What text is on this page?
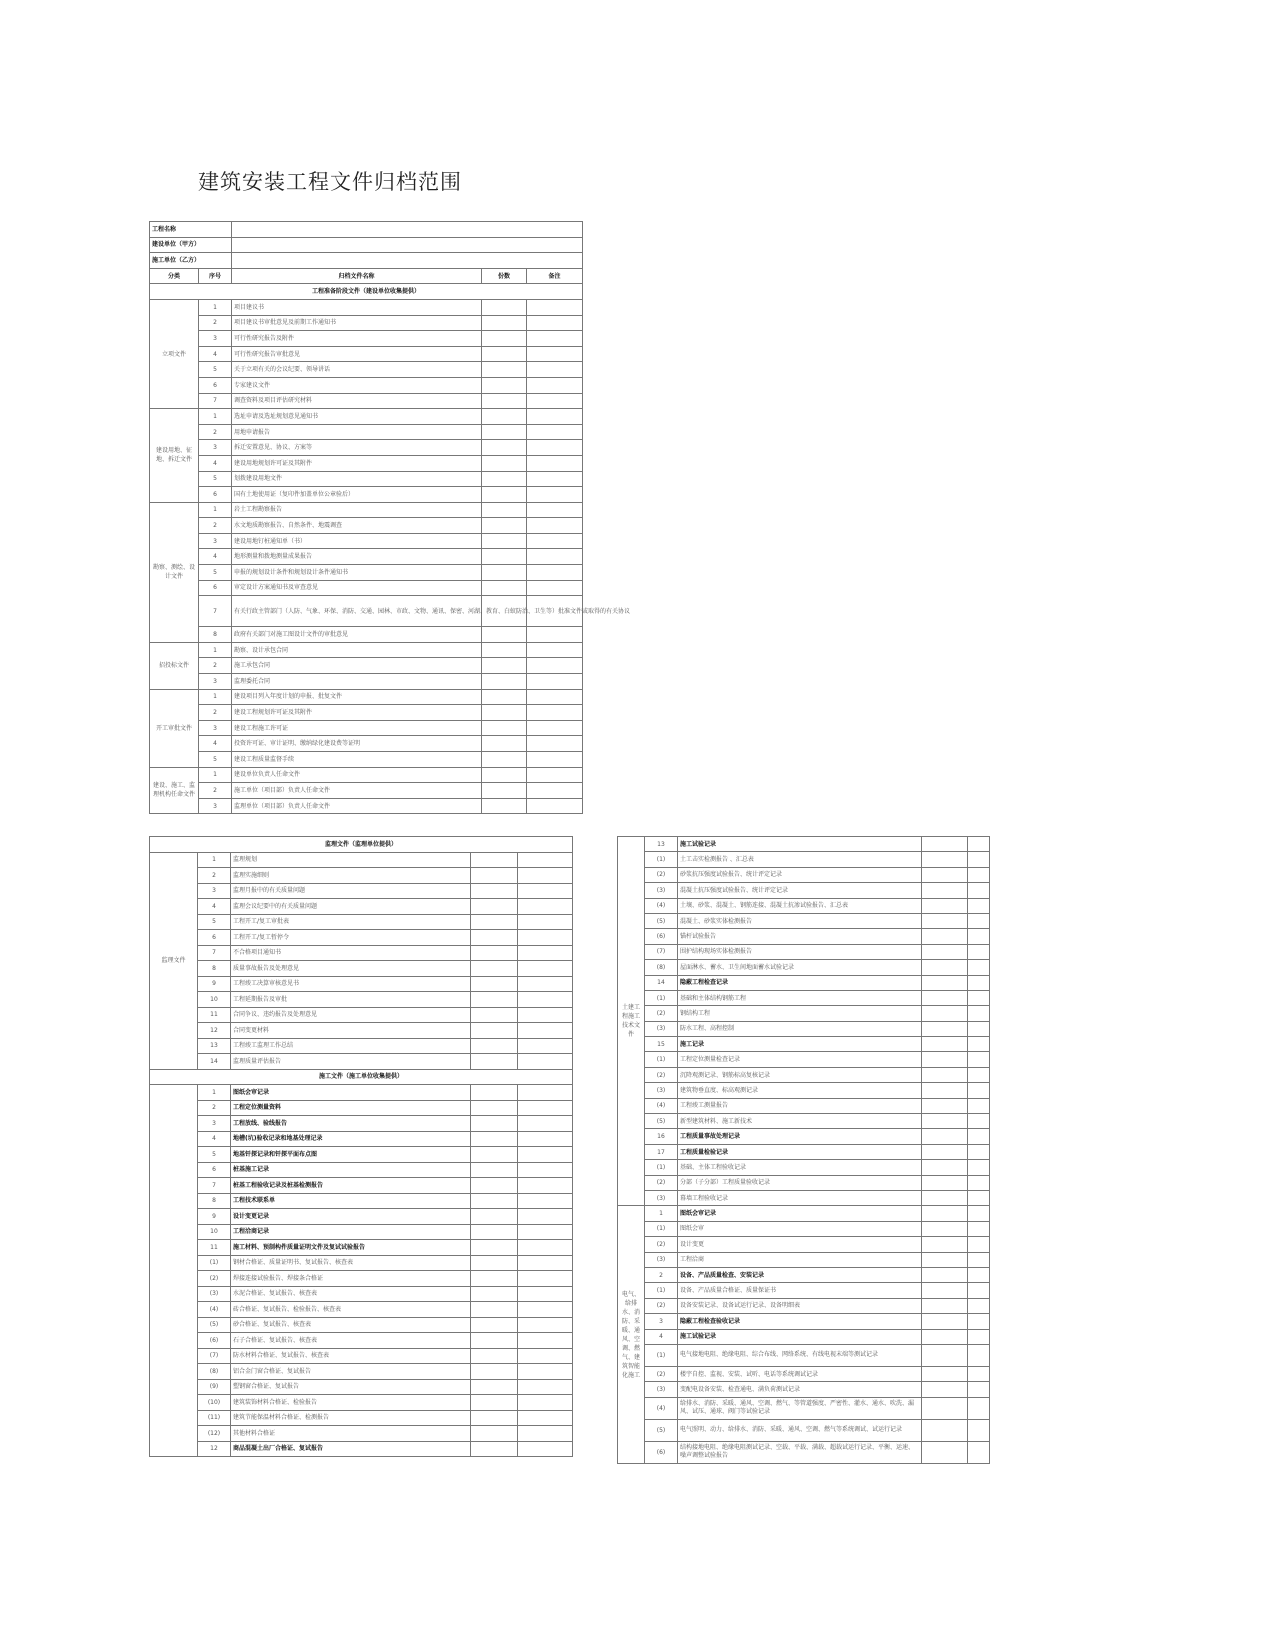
建筑安装工程文件归档范围
工程名称				
建设单位（甲方）				
施工单位（乙方）				
分类	序号	归档文件名称	份数	备注
工程准备阶段文件（建设单位收集提供）				
立项文件	1	项目建议书		
	2	项目建议书审批意见及前期工作通知书		
	3	可行性研究报告及附件		
	4	可行性研究报告审批意见		
	5	关于立项有关的会议纪要、领导讲话		
	6	专家建议文件		
	7	调查资料及项目评估研究材料		
建设用地、征地、拆迁文件	1	选址申请及选址规划意见通知书		
	2	用地申请报告		
	3	拆迁安置意见、协议、方案等		
	4	建设用地规划许可证及其附件		
	5	划拨建设用地文件		
	6	国有土地使用证（复印件加盖单位公章验后）		
勘察、测绘、设计文件	1	岩土工程勘察报告		
	2	水文地质勘察报告、自然条件、地震调查		
	3	建设用地钉桩通知单（书）		
	4	地形测量和拨地测量成果报告		
	5	申报的规划设计条件和规划设计条件通知书		
	6	审定设计方案通知书及审查意见		
	7	有关行政主管部门（人防、气象、环保、消防、交通、园林、市政、文物、通讯、保密、河湖、教育、白蚁防治、卫生等）批准文件或取得的有关协议		
	8	政府有关部门对施工图设计文件的审批意见		
招投标文件	1	勘察、设计承包合同		
	2	施工承包合同		
	3	监理委托合同		
开工审批文件	1	建设项目列入年度计划的申报、批复文件		
	2	建设工程规划许可证及其附件		
	3	建设工程施工许可证		
	4	投资许可证、审计证明、缴纳绿化建设费等证明		
	5	建设工程质量监督手续		
建设、施工、监理机构任命文件	1	建设单位负责人任命文件		
	2	施工单位（项目部）负责人任命文件		
	3	监理单位（项目部）负责人任命文件		
监理文件（监理单位提供）				
监理文件	1	监理规划		
	2	监理实施细则		
	3	监理月报中的有关质量问题		
	4	监理会议纪要中的有关质量问题		
	5	工程开工/复工审批表		
	6	工程开工/复工暂停令		
	7	不合格项目通知书		
	8	质量事故报告及处理意见		
	9	工程竣工决算审核意见书		
	10	工程延期报告及审批		
	11	合同争议、违约报告及处理意见		
	12	合同变更材料		
	13	工程竣工监理工作总结		
	14	监理质量评估报告		
施工文件（施工单位收集提供）				
	1	图纸会审记录		
	2	工程定位测量资料		
	3	工程放线、验线报告		
	4	地槽(坑)验收记录和地基处理记录		
	5	地基钎探记录和钎探平面布点图		
	6	桩基施工记录		
	7	桩基工程验收记录及桩基检测报告		
	8	工程技术联系单		
	9	设计变更记录		
	10	工程洽商记录		
	11	施工材料、预制构件质量证明文件及复试试验报告		
	(1)	钢材合格证、质量证明书、复试报告、核查表		
	(2)	焊接连接试验报告、焊接条合格证		
	(3)	水泥合格证、复试报告、核查表		
	(4)	砖合格证、复试报告、检验报告、核查表		
	(5)	砂合格证、复试报告、核查表		
	(6)	石子合格证、复试报告、核查表		
	(7)	防水材料合格证、复试报告、核查表		
	(8)	铝合金门窗合格证、复试报告		
	(9)	塑钢窗合格证、复试报告		
	(10)	建筑装饰材料合格证、检验报告		
	(11)	建筑节能保温材料合格证、检测报告		
	(12)	其他材料合格证		
	12	商品混凝土出厂合格证、复试报告		
土建工程施工技术文件	13	施工试验记录		
	(1)	土工击实检测报告 、汇总表		
	(2)	砂浆抗压强度试验报告、统计评定记录		
	(3)	混凝土抗压强度试验报告、统计评定记录		
	(4)	土壤、砂浆、混凝土、钢筋连接、混凝土抗渗试验报告、汇总表		
	(5)	混凝土、砂浆实体检测报告		
	(6)	锚杆试验报告		
	(7)	围护结构现场实体检测报告		
	(8)	屋面淋水、蓄水、卫生间地面蓄水试验记录		
	14	隐蔽工程检查记录		
	(1)	基础和主体结构钢筋工程		
	(2)	钢结构工程		
	(3)	防水工程、高程控制		
	15	施工记录		
	(1)	工程定位测量检查记录		
	(2)	沉降观测记录、钢筋标高复核记录		
	(3)	建筑物垂直度、标高观测记录		
	(4)	工程竣工测量报告		
	(5)	新型建筑材料、施工新技术		
	16	工程质量事故处理记录		
	17	工程质量检验记录		
	(1)	基础、主体工程验收记录		
	(2)	分部（子分部）工程质量验收记录		
	(3)	幕墙工程验收记录		
电气、给排水、消防、采暖、通风、空调、燃气、建筑智能化施工	1	图纸会审记录		
	(1)	图纸会审		
	(2)	设计变更		
	(3)	工程洽商		
	2	设备、产品质量检查、安装记录		
	(1)	设备、产品质量合格证、质量保证书		
	(2)	设备安装记录、设备试运行记录、设备明细表		
	3	隐蔽工程检查验收记录		
	4	施工试验记录		
	(1)	电气接地电阻、绝缘电阻、综合布线、网络系统、有线电视末端等测试记录		
	(2)	楼宇自控、监视、安装、试听、电话等系统调试记录		
	(3)	变配电设备安装、检查通电、满负荷测试记录		
	(4)	给排水、消防、采暖、通风、空调、燃气、等管道强度、严密性、灌水、通水、吹洗、漏风、试压、通球、阀门等试验记录		
	(5)	电气照明、动力、给排水、消防、采暖、通风、空调、燃气等系统调试、试运行记录		
	(6)	结构接地电阻、绝缘电阻测试记录、空载、平载、满载、超载试运行记录、平衡、运速、噪声调整试验报告		
